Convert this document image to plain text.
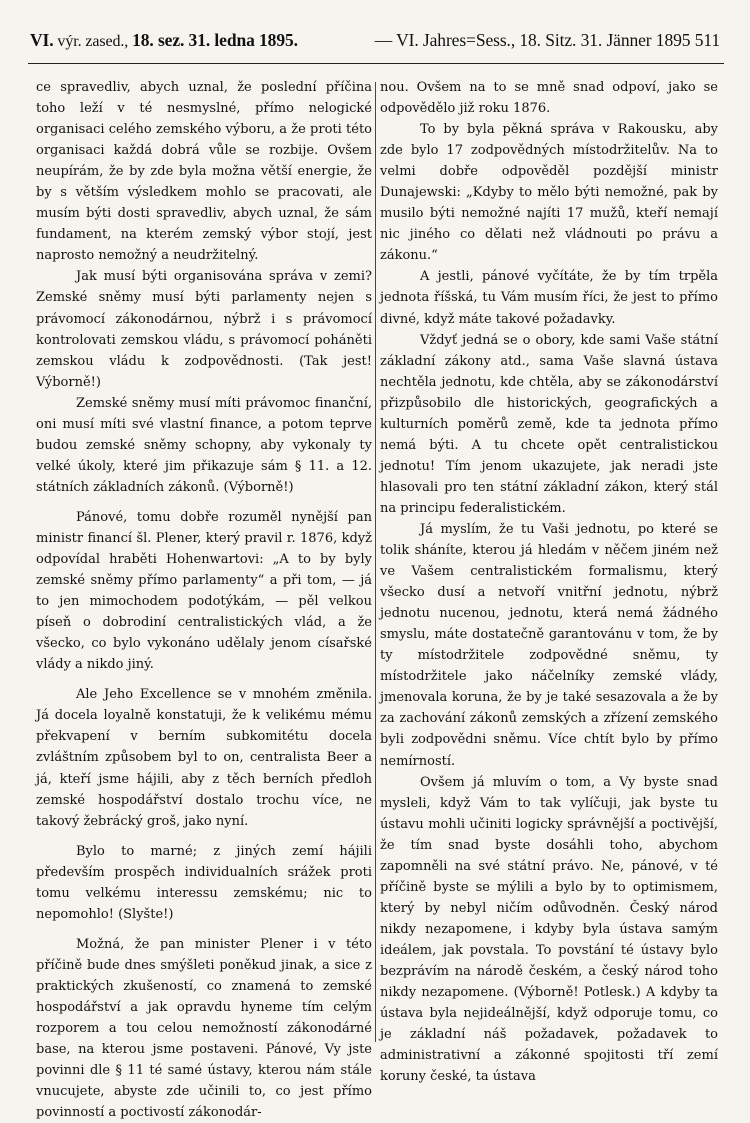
VI. výr. zased., 18. sez. 31. ledna 1895.	— VI. Jahres=Sess., 18. Sitz. 31. Jänner 1895 511

ce spravedliv, abych uznal, že poslední příčina toho leží v té nesmyslné, přímo nelogické organisaci celého zemského výboru, a že proti této organisaci každá dobrá vůle se rozbije. Ovšem neupírám, že by zde byla možna větší energie, že by s větším výsledkem mohlo se pracovati, ale musím býti dosti spravedliv, abych uznal, že sám fundament, na kterém zemský výbor stojí, jest naprosto nemožný a neudržitelný.

Jak musí býti organisována správa v zemi? Zemské sněmy musí býti parlamenty nejen s právomocí zákonodárnou, nýbrž i s právomocí kontrolovati zemskou vládu, s právomocí poháněti zemskou vládu k zodpovědnosti. (Tak jest! Výborně!)

Zemské sněmy musí míti právomoc finanční, oni musí míti své vlastní finance, a potom teprve budou zemské sněmy schopny, aby vykonaly ty velké úkoly, které jim přikazuje sám § 11. a 12. státních základních zákonů. (Výborně!)

Pánové, tomu dobře rozuměl nynější pan ministr financí šl. Plener, který pravil r. 1876, když odpovídal hraběti Hohenwartovi: „A to by byly zemské sněmy přímo parlamenty“ a při tom, — já to jen mimochodem podotýkám, — pěl velkou píseň o dobrodiní centralistických vlád, a že všecko, co bylo vykonáno udělaly jenom císařské vlády a nikdo jiný.

Ale Jeho Excellence se v mnohém změnila. Já docela loyalně konstatuji, že k velikému mému překvapení v berním subkomitétu docela zvláštním způsobem byl to on, centralista Beer a já, kteří jsme hájili, aby z těch berních předloh zemské hospodářství dostalo trochu více, ne takový žebrácký groš, jako nyní.

Bylo to marné; z jiných zemí hájili především prospěch individualních srážek proti tomu velkému interessu zemskému; nic to nepomohlo! (Slyšte!)

Možná, že pan minister Plener i v této příčině bude dnes smýšleti poněkud jinak, a sice z praktických zkušeností, co znamená to zemské hospodářství a jak opravdu hyneme tím celým rozporem a tou celou nemožností zákonodárné base, na kterou jsme postaveni. Pánové, Vy jste povinni dle § 11 té samé ústavy, kterou nám stále vnucujete, abyste zde učinili to, co jest přímo povinností a poctivostí zákonodár-

nou. Ovšem na to se mně snad odpoví, jako se odpovědělo již roku 1876.

To by byla pěkná správa v Rakousku, aby zde bylo 17 zodpovědných místodržitelův. Na to velmi dobře odpověděl pozdější ministr Dunajewski: „Kdyby to mělo býti nemožné, pak by musilo býti nemožné najíti 17 mužů, kteří nemají nic jiného co dělati než vládnouti po právu a zákonu.“

A jestli, pánové vyčítáte, že by tím trpěla jednota říšská, tu Vám musím říci, že jest to přímo divné, když máte takové požadavky.

Vždyť jedná se o obory, kde sami Vaše státní základní zákony atd., sama Vaše slavná ústava nechtěla jednotu, kde chtěla, aby se zákonodárství přizpůsobilo dle historických, geografických a kulturních poměrů země, kde ta jednota přímo nemá býti. A tu chcete opět centralistickou jednotu! Tím jenom ukazujete, jak neradi jste hlasovali pro ten státní základní zákon, který stál na principu federalistickém.

Já myslím, že tu Vaši jednotu, po které se tolik sháníte, kterou já hledám v něčem jiném než ve Vašem centralistickém formalismu, který všecko dusí a netvoří vnitřní jednotu, nýbrž jednotu nucenou, jednotu, která nemá žádného smyslu, máte dostatečně garantovánu v tom, že by ty místodržitele zodpovědné sněmu, ty místodržitele jako náčelníky zemské vlády, jmenovala koruna, že by je také sesazovala a že by za zachování zákonů zemských a zřízení zemského byli zodpovědni sněmu. Více chtít bylo by přímo nemírností.

Ovšem já mluvím o tom, a Vy byste snad mysleli, když Vám to tak vylíčuji, jak byste tu ústavu mohli učiniti logicky správnější a poctivější, že tím snad byste dosáhli toho, abychom zapomněli na své státní právo. Ne, pánové, v té příčině byste se mýlili a bylo by to optimismem, který by nebyl ničím odůvodněn. Český národ nikdy nezapomene, i kdyby byla ústava samým ideálem, jak povstala. To povstání té ústavy bylo bezprávím na národě českém, a český národ toho nikdy nezapomene. (Výborně! Potlesk.) A kdyby ta ústava byla nejideálnější, když odporuje tomu, co je základní náš požadavek, požadavek to administrativní a zákonné spojitosti tří zemí koruny české, ta ústava
